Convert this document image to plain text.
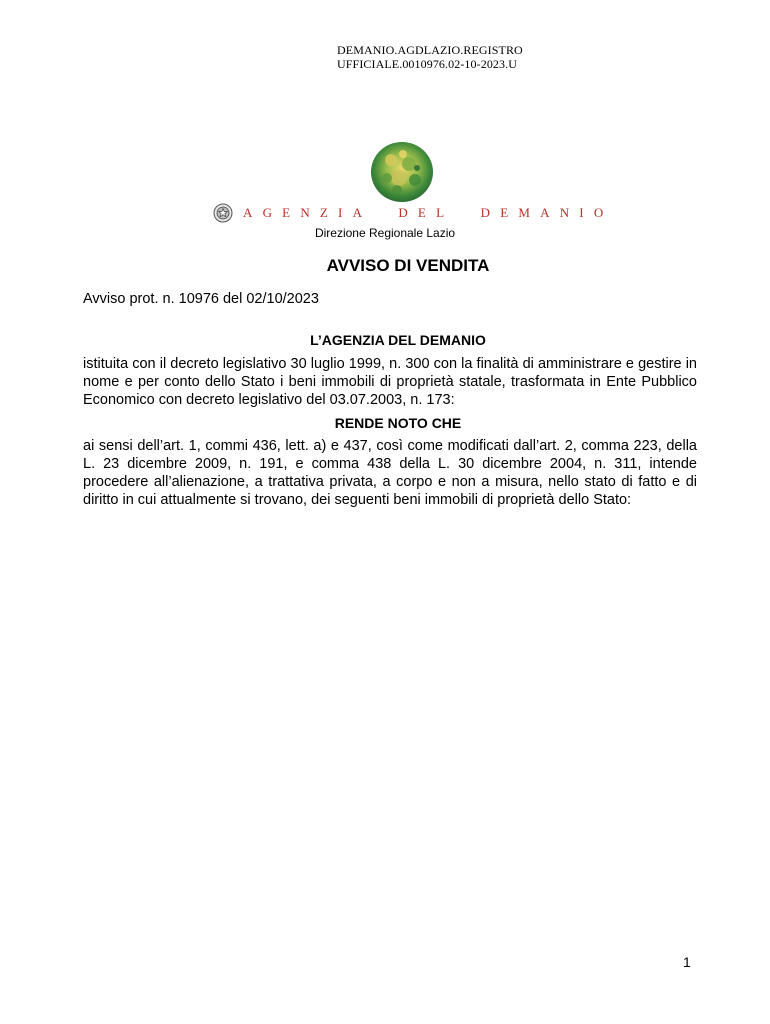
DEMANIO.AGDLAZIO.REGISTRO
UFFICIALE.0010976.02-10-2023.U
AGENZIA  DEL  DEMANIO
Direzione Regionale Lazio
AVVISO DI VENDITA
Avviso prot. n. 10976 del 02/10/2023
L’AGENZIA DEL DEMANIO

istituita con il decreto legislativo 30 luglio 1999, n. 300 con la finalità di amministrare e gestire in nome e per conto dello Stato i beni immobili di proprietà statale, trasformata in Ente Pubblico Economico con decreto legislativo del 03.07.2003, n. 173:

RENDE NOTO CHE

ai sensi dell’art. 1, commi 436, lett. a) e 437, così come modificati dall’art. 2, comma 223, della L. 23 dicembre 2009, n. 191, e comma 438 della L. 30 dicembre 2004, n. 311, intende procedere all’alienazione, a trattativa privata, a corpo e non a misura, nello stato di fatto e di diritto in cui attualmente si trovano, dei seguenti beni immobili di proprietà dello Stato:

1
